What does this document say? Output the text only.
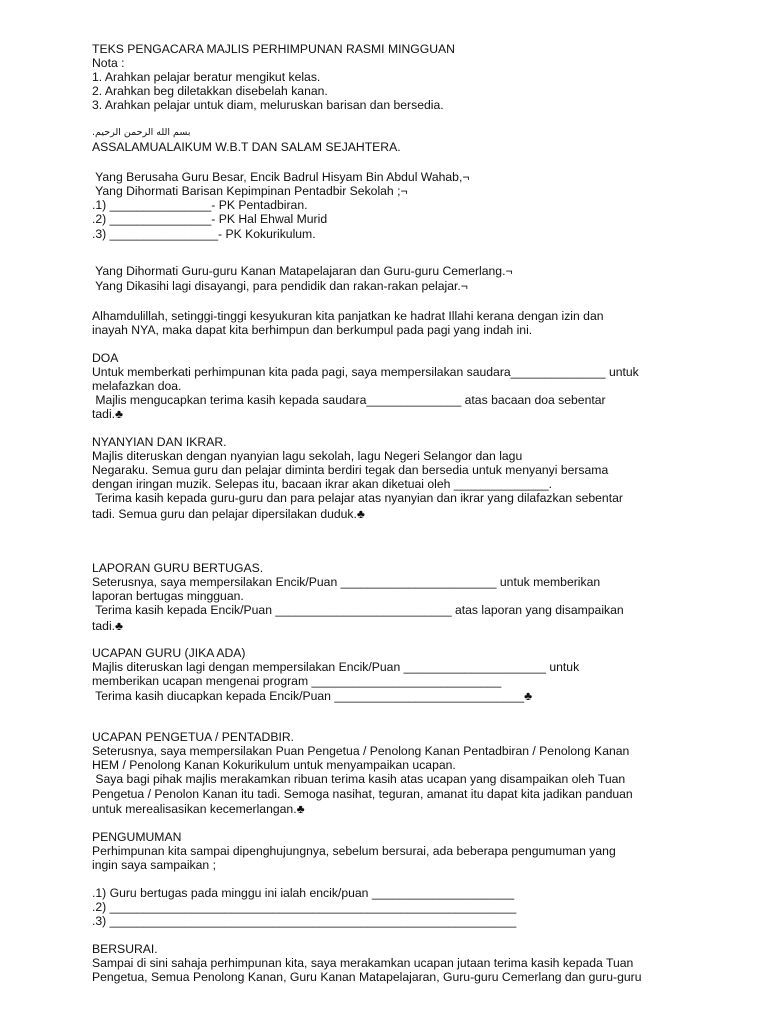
TEKS PENGACARA MAJLIS PERHIMPUNAN RASMI MINGGUAN

Nota :

1. Arahkan pelajar beratur mengikut kelas.

2. Arahkan beg diletakkan disebelah kanan.

3. Arahkan pelajar untuk diam, meluruskan barisan dan bersedia.

بسم الله الرحمن الرحيم.

ASSALAMUALAIKUM W.B.T DAN SALAM SEJAHTERA.

Yang Berusaha Guru Besar, Encik Badrul Hisyam Bin Abdul Wahab,¬

Yang Dihormati Barisan Kepimpinan Pentadbir Sekolah ;¬

.1) _______________- PK Pentadbiran.

.2) _______________- PK Hal Ehwal Murid

.3) ________________- PK Kokurikulum.

Yang Dihormati Guru-guru Kanan Matapelajaran dan Guru-guru Cemerlang.¬

Yang Dikasihi lagi disayangi, para pendidik dan rakan-rakan pelajar.¬

Alhamdulillah, setinggi-tinggi kesyukuran kita panjatkan ke hadrat Illahi kerana dengan izin dan

inayah NYA, maka dapat kita berhimpun dan berkumpul pada pagi yang indah ini.

DOA

Untuk memberkati perhimpunan kita pada pagi, saya mempersilakan saudara______________ untuk

melafazkan doa.

Majlis mengucapkan terima kasih kepada saudara______________ atas bacaan doa sebentar

tadi.♣

NYANYIAN DAN IKRAR.

Majlis diteruskan dengan nyanyian lagu sekolah, lagu Negeri Selangor dan lagu

Negaraku. Semua guru dan pelajar diminta berdiri tegak dan bersedia untuk menyanyi bersama

dengan iringan muzik. Selepas itu, bacaan ikrar akan diketuai oleh ______________.

Terima kasih kepada guru-guru dan para pelajar atas nyanyian dan ikrar yang dilafazkan sebentar

tadi. Semua guru dan pelajar dipersilakan duduk.♣

LAPORAN GURU BERTUGAS.

Seterusnya, saya mempersilakan Encik/Puan _______________________ untuk memberikan

laporan bertugas mingguan.

Terima kasih kepada Encik/Puan __________________________ atas laporan yang disampaikan

tadi.♣

UCAPAN GURU (JIKA ADA)

Majlis diteruskan lagi dengan mempersilakan Encik/Puan _____________________ untuk

memberikan ucapan mengenai program ____________________________

Terima kasih diucapkan kepada Encik/Puan ____________________________♣

UCAPAN PENGETUA / PENTADBIR.

Seterusnya, saya mempersilakan Puan Pengetua / Penolong Kanan Pentadbiran / Penolong Kanan

HEM / Penolong Kanan Kokurikulum untuk menyampaikan ucapan.

Saya bagi pihak majlis merakamkan ribuan terima kasih atas ucapan yang disampaikan oleh Tuan

Pengetua / Penolon Kanan itu tadi. Semoga nasihat, teguran, amanat itu dapat kita jadikan panduan

untuk merealisasikan kecemerlangan.♣

PENGUMUMAN

Perhimpunan kita sampai dipenghujungnya, sebelum bersurai, ada beberapa pengumuman yang

ingin saya sampaikan ;

.1) Guru bertugas pada minggu ini ialah encik/puan _____________________

.2) ____________________________________________________________

.3) ____________________________________________________________

BERSURAI.

Sampai di sini sahaja perhimpunan kita, saya merakamkan ucapan jutaan terima kasih kepada Tuan

Pengetua, Semua Penolong Kanan, Guru Kanan Matapelajaran, Guru-guru Cemerlang dan guru-guru
